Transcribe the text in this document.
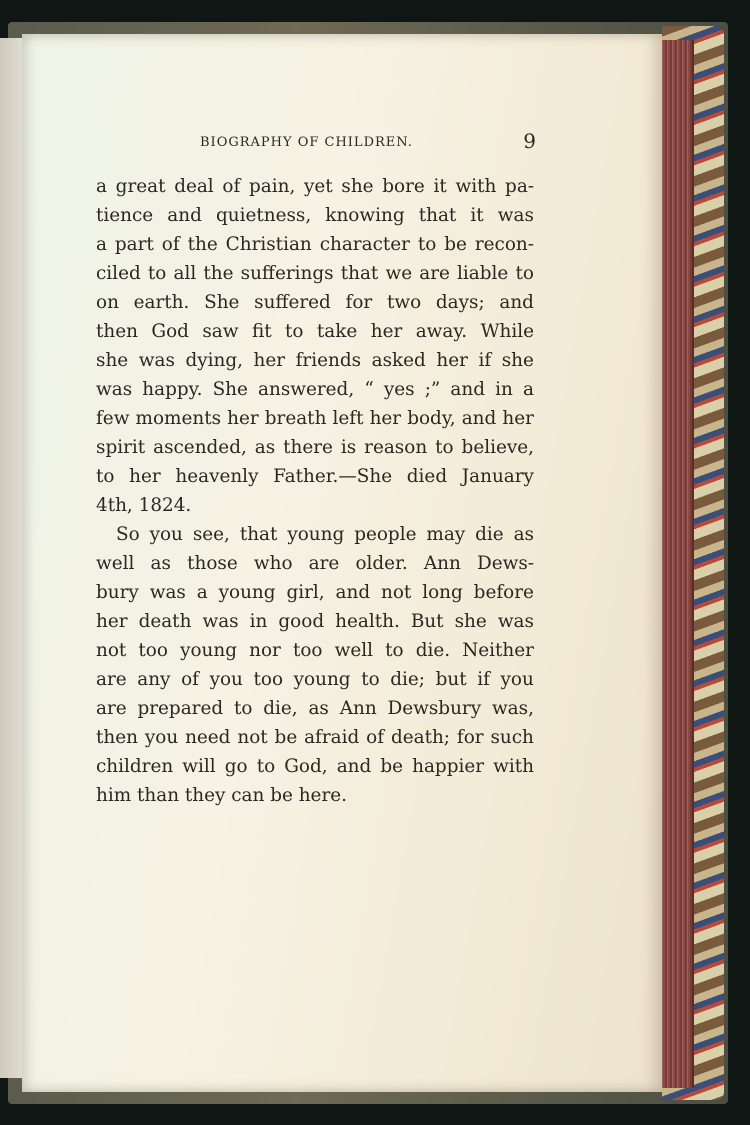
BIOGRAPHY OF CHILDREN.	9
a great deal of pain, yet she bore it with pa-
tience and quietness, knowing that it was
a part of the Christian character to be recon-
ciled to all the sufferings that we are liable to
on earth. She suffered for two days; and
then God saw fit to take her away. While
she was dying, her friends asked her if she
was happy. She answered, “ yes ;” and in a
few moments her breath left her body, and her
spirit ascended, as there is reason to believe,
to her heavenly Father.—She died January
4th, 1824.
So you see, that young people may die as
well as those who are older. Ann Dews-
bury was a young girl, and not long before
her death was in good health. But she was
not too young nor too well to die. Neither
are any of you too young to die; but if you
are prepared to die, as Ann Dewsbury was,
then you need not be afraid of death; for such
children will go to God, and be happier with
him than they can be here.
